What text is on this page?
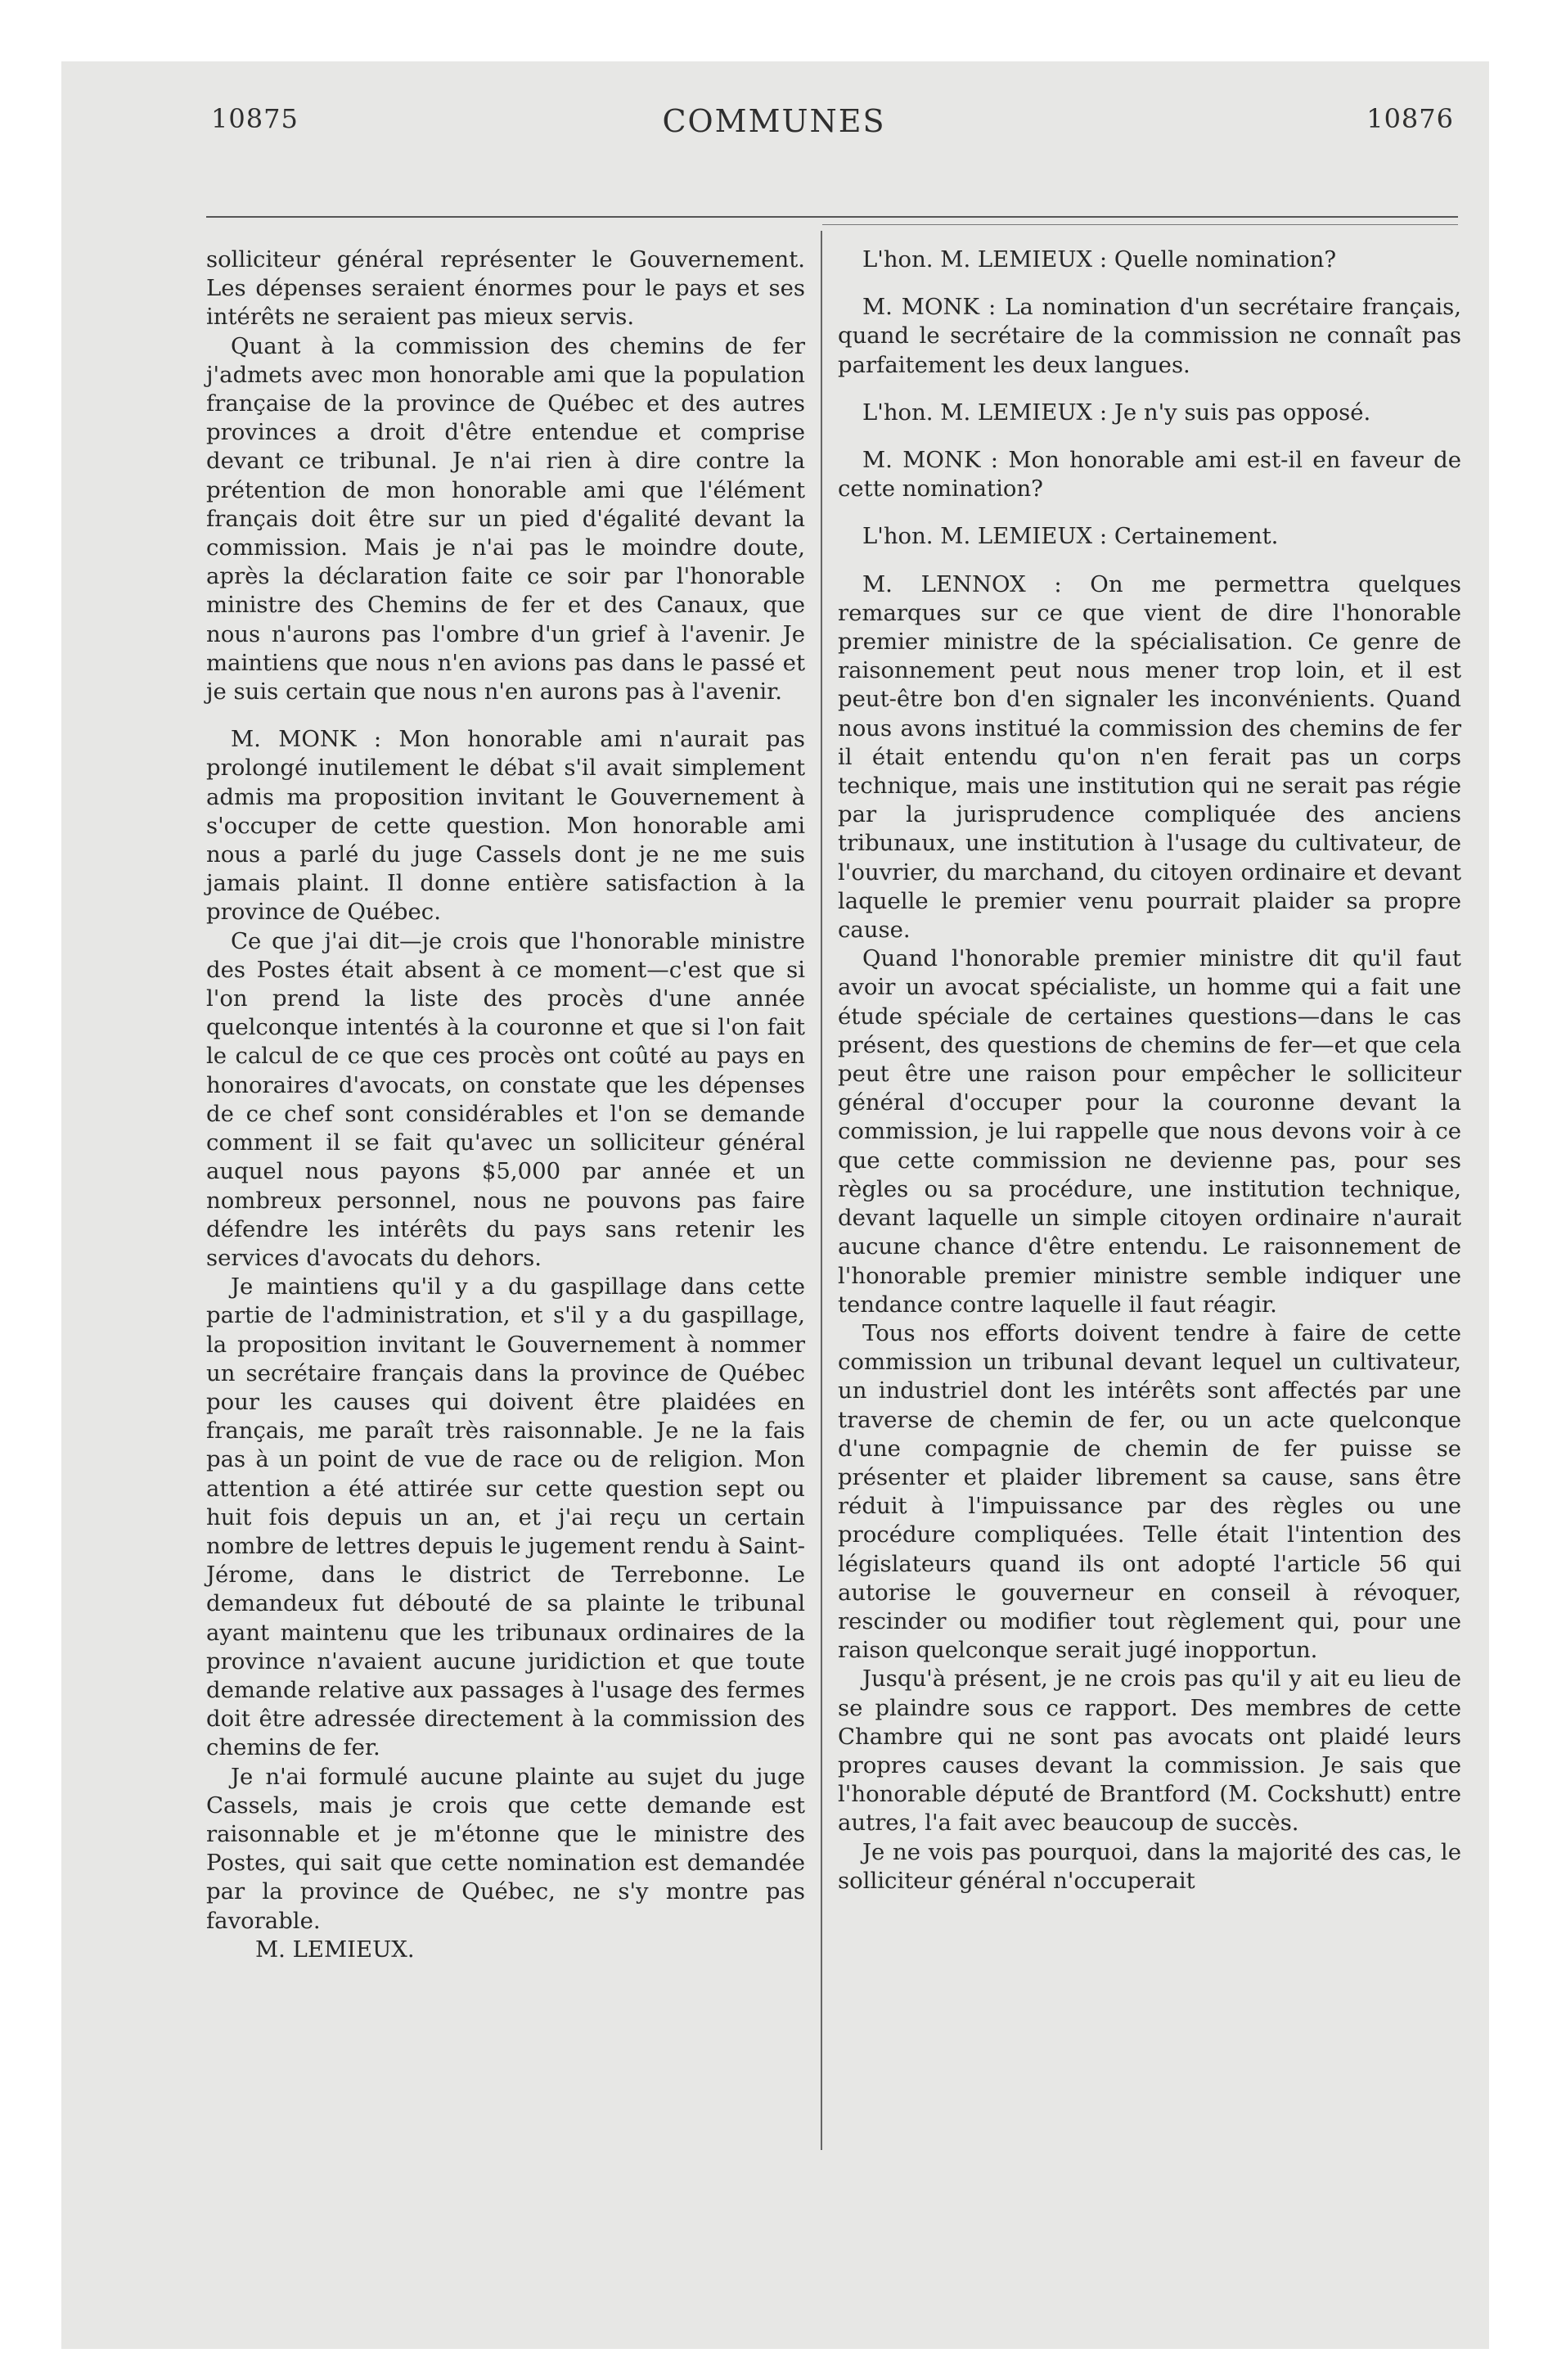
10875	COMMUNES	10876

solliciteur général représenter le Gouvernement. Les dépenses seraient énormes pour le pays et ses intérêts ne seraient pas mieux servis.

Quant à la commission des chemins de fer j'admets avec mon honorable ami que la population française de la province de Québec et des autres provinces a droit d'être entendue et comprise devant ce tribunal. Je n'ai rien à dire contre la prétention de mon honorable ami que l'élément français doit être sur un pied d'égalité devant la commission. Mais je n'ai pas le moindre doute, après la déclaration faite ce soir par l'honorable ministre des Chemins de fer et des Canaux, que nous n'aurons pas l'ombre d'un grief à l'avenir. Je maintiens que nous n'en avions pas dans le passé et je suis certain que nous n'en aurons pas à l'avenir.

M. MONK : Mon honorable ami n'aurait pas prolongé inutilement le débat s'il avait simplement admis ma proposition invitant le Gouvernement à s'occuper de cette question. Mon honorable ami nous a parlé du juge Cassels dont je ne me suis jamais plaint. Il donne entière satisfaction à la province de Québec.

Ce que j'ai dit—je crois que l'honorable ministre des Postes était absent à ce moment—c'est que si l'on prend la liste des procès d'une année quelconque intentés à la couronne et que si l'on fait le calcul de ce que ces procès ont coûté au pays en honoraires d'avocats, on constate que les dépenses de ce chef sont considérables et l'on se demande comment il se fait qu'avec un solliciteur général auquel nous payons $5,000 par année et un nombreux personnel, nous ne pouvons pas faire défendre les intérêts du pays sans retenir les services d'avocats du dehors.

Je maintiens qu'il y a du gaspillage dans cette partie de l'administration, et s'il y a du gaspillage, la proposition invitant le Gouvernement à nommer un secrétaire français dans la province de Québec pour les causes qui doivent être plaidées en français, me paraît très raisonnable. Je ne la fais pas à un point de vue de race ou de religion. Mon attention a été attirée sur cette question sept ou huit fois depuis un an, et j'ai reçu un certain nombre de lettres depuis le jugement rendu à Saint-Jérome, dans le district de Terrebonne. Le demandeux fut débouté de sa plainte le tribunal ayant maintenu que les tribunaux ordinaires de la province n'avaient aucune juridiction et que toute demande relative aux passages à l'usage des fermes doit être adressée directement à la commission des chemins de fer.

Je n'ai formulé aucune plainte au sujet du juge Cassels, mais je crois que cette demande est raisonnable et je m'étonne que le ministre des Postes, qui sait que cette nomination est demandée par la province de Québec, ne s'y montre pas favorable.

M. LEMIEUX.

L'hon. M. LEMIEUX : Quelle nomination?

M. MONK : La nomination d'un secrétaire français, quand le secrétaire de la commission ne connaît pas parfaitement les deux langues.

L'hon. M. LEMIEUX : Je n'y suis pas opposé.

M. MONK : Mon honorable ami est-il en faveur de cette nomination?

L'hon. M. LEMIEUX : Certainement.

M. LENNOX : On me permettra quelques remarques sur ce que vient de dire l'honorable premier ministre de la spécialisation. Ce genre de raisonnement peut nous mener trop loin, et il est peut-être bon d'en signaler les inconvénients. Quand nous avons institué la commission des chemins de fer il était entendu qu'on n'en ferait pas un corps technique, mais une institution qui ne serait pas régie par la jurisprudence compliquée des anciens tribunaux, une institution à l'usage du cultivateur, de l'ouvrier, du marchand, du citoyen ordinaire et devant laquelle le premier venu pourrait plaider sa propre cause.

Quand l'honorable premier ministre dit qu'il faut avoir un avocat spécialiste, un homme qui a fait une étude spéciale de certaines questions—dans le cas présent, des questions de chemins de fer—et que cela peut être une raison pour empêcher le solliciteur général d'occuper pour la couronne devant la commission, je lui rappelle que nous devons voir à ce que cette commission ne devienne pas, pour ses règles ou sa procédure, une institution technique, devant laquelle un simple citoyen ordinaire n'aurait aucune chance d'être entendu. Le raisonnement de l'honorable premier ministre semble indiquer une tendance contre laquelle il faut réagir.

Tous nos efforts doivent tendre à faire de cette commission un tribunal devant lequel un cultivateur, un industriel dont les intérêts sont affectés par une traverse de chemin de fer, ou un acte quelconque d'une compagnie de chemin de fer puisse se présenter et plaider librement sa cause, sans être réduit à l'impuissance par des règles ou une procédure compliquées. Telle était l'intention des législateurs quand ils ont adopté l'article 56 qui autorise le gouverneur en conseil à révoquer, rescinder ou modifier tout règlement qui, pour une raison quelconque serait jugé inopportun.

Jusqu'à présent, je ne crois pas qu'il y ait eu lieu de se plaindre sous ce rapport. Des membres de cette Chambre qui ne sont pas avocats ont plaidé leurs propres causes devant la commission. Je sais que l'honorable député de Brantford (M. Cockshutt) entre autres, l'a fait avec beaucoup de succès.

Je ne vois pas pourquoi, dans la majorité des cas, le solliciteur général n'occuperait
